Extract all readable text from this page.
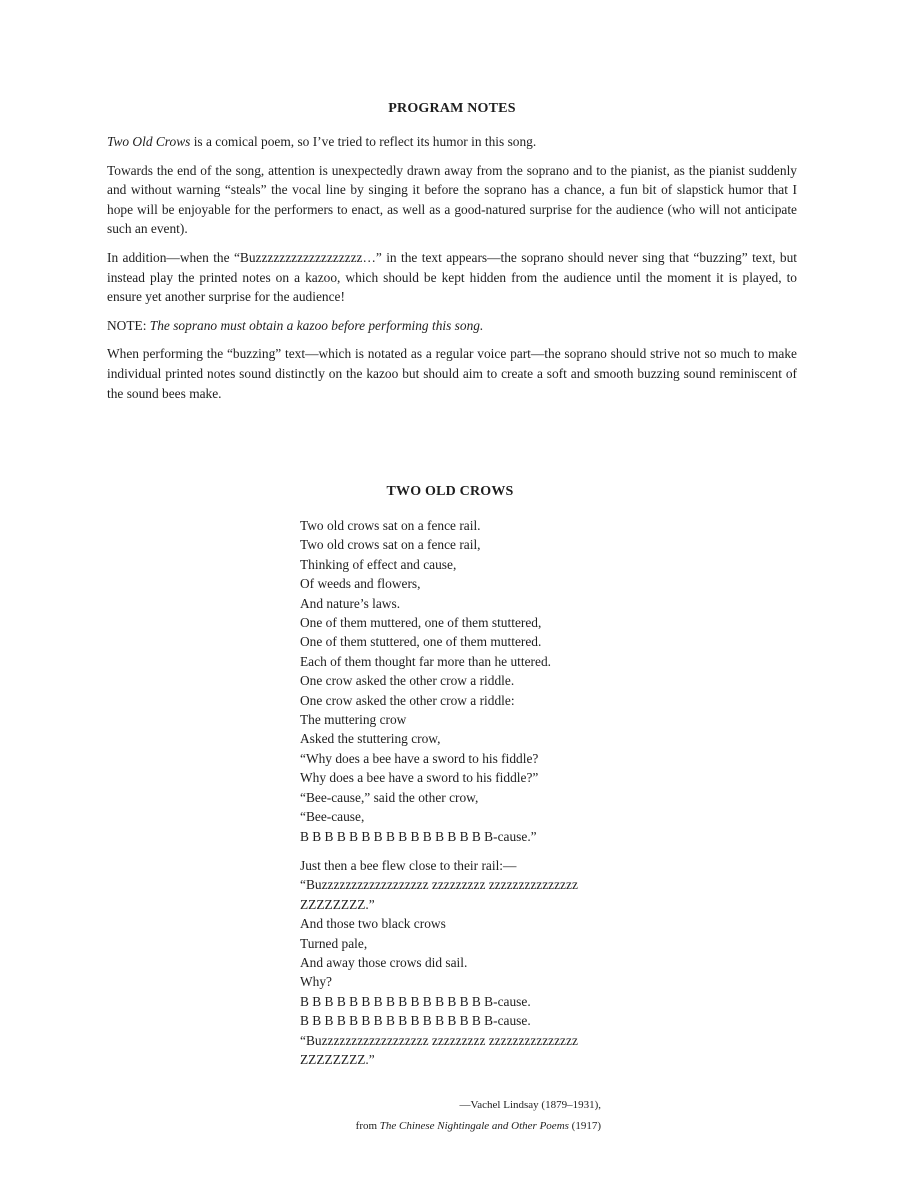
PROGRAM NOTES

Two Old Crows is a comical poem, so I’ve tried to reflect its humor in this song.

Towards the end of the song, attention is unexpectedly drawn away from the soprano and to the pianist, as the pianist suddenly and without warning “steals” the vocal line by singing it before the soprano has a chance, a fun bit of slapstick humor that I hope will be enjoyable for the performers to enact, as well as a good-natured surprise for the audience (who will not anticipate such an event).

In addition—when the “Buzzzzzzzzzzzzzzzzzz…” in the text appears—the soprano should never sing that “buzzing” text, but instead play the printed notes on a kazoo, which should be kept hidden from the audience until the moment it is played, to ensure yet another surprise for the audience!

NOTE: The soprano must obtain a kazoo before performing this song.

When performing the “buzzing” text—which is notated as a regular voice part—the soprano should strive not so much to make individual printed notes sound distinctly on the kazoo but should aim to create a soft and smooth buzzing sound reminiscent of the sound bees make.

TWO OLD CROWS
Two old crows sat on a fence rail.
Two old crows sat on a fence rail,
Thinking of effect and cause,
Of weeds and flowers,
And nature’s laws.
One of them muttered, one of them stuttered,
One of them stuttered, one of them muttered.
Each of them thought far more than he uttered.
One crow asked the other crow a riddle.
One crow asked the other crow a riddle:
The muttering crow
Asked the stuttering crow,
“Why does a bee have a sword to his fiddle?
Why does a bee have a sword to his fiddle?”
“Bee-cause,” said the other crow,
“Bee-cause,
B B B B B B B B B B B B B B B B-cause.”
Just then a bee flew close to their rail:—
“Buzzzzzzzzzzzzzzzzzz zzzzzzzzz zzzzzzzzzzzzzzz
ZZZZZZZZ.”
And those two black crows
Turned pale,
And away those crows did sail.
Why?
B B B B B B B B B B B B B B B B-cause.
B B B B B B B B B B B B B B B B-cause.
“Buzzzzzzzzzzzzzzzzzz zzzzzzzzz zzzzzzzzzzzzzzz
ZZZZZZZZ.”
—Vachel Lindsay (1879–1931),
from The Chinese Nightingale and Other Poems (1917)
